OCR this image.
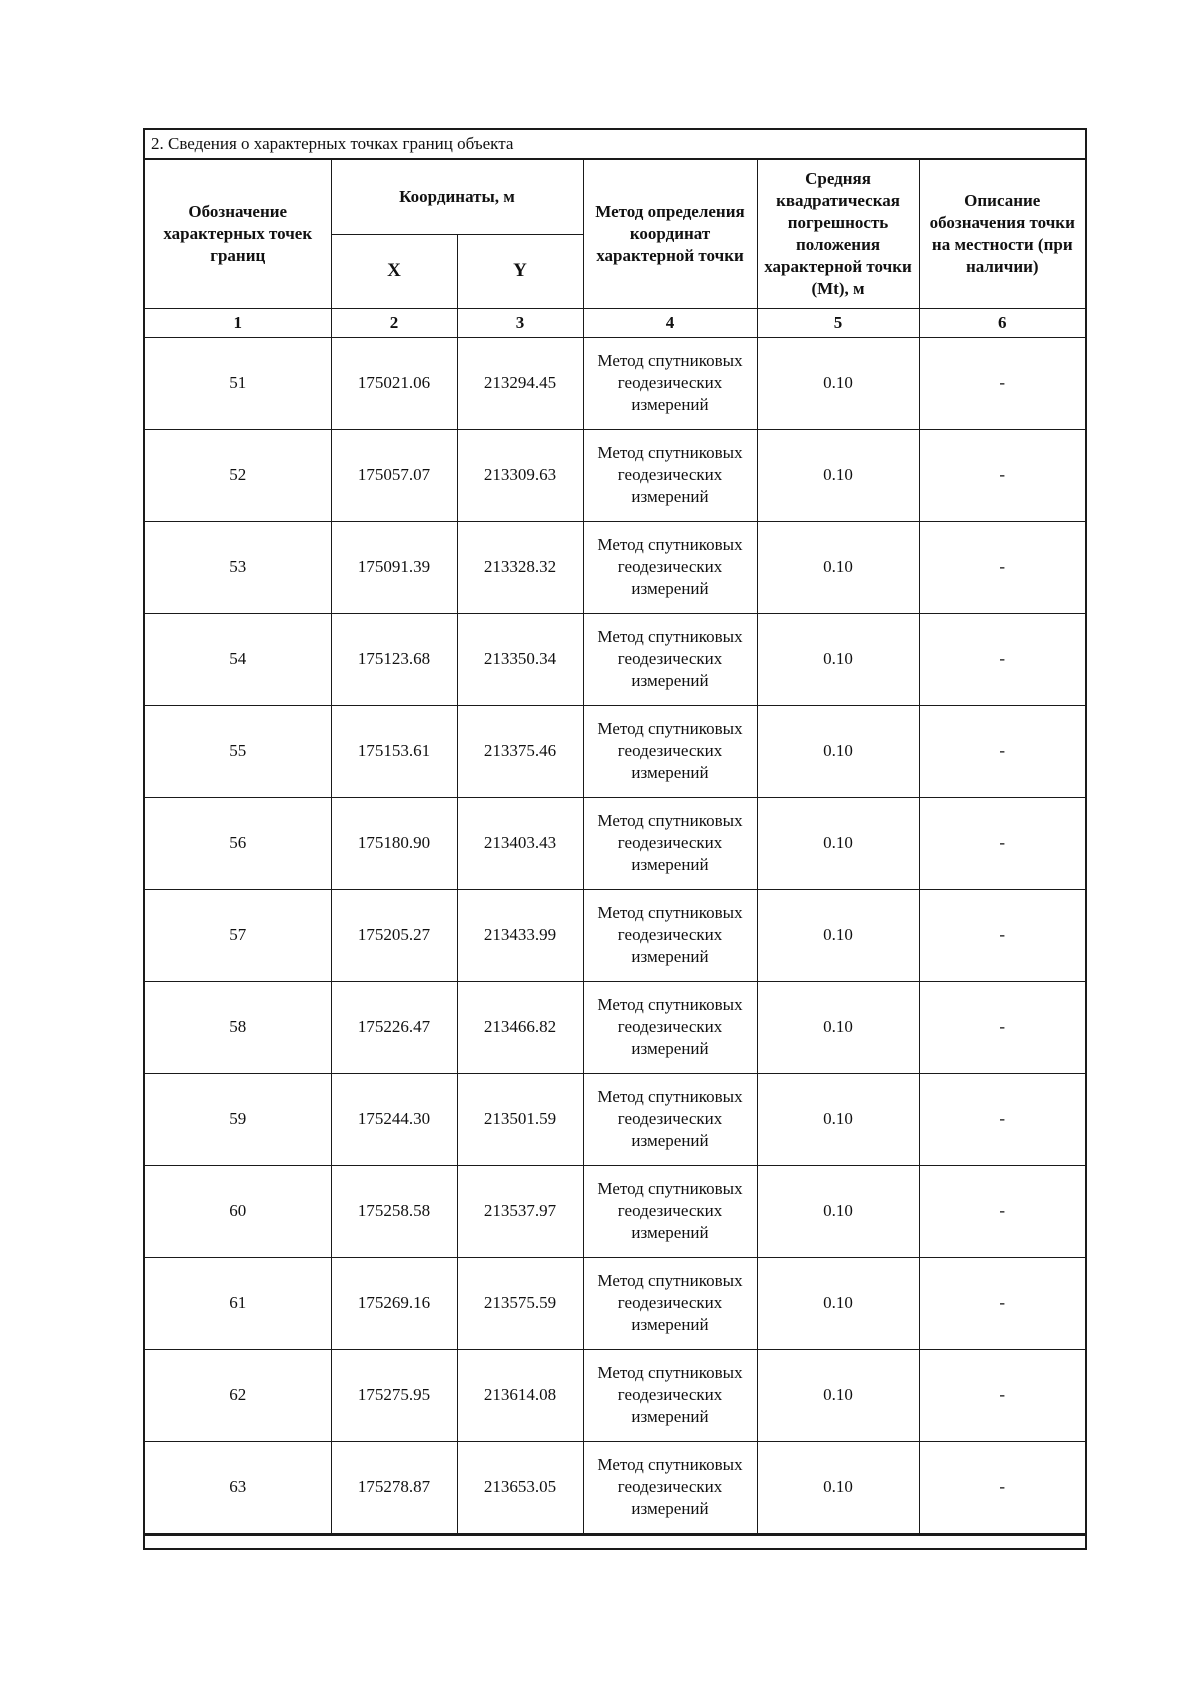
2. Сведения о характерных точках границ объекта
Обозначение характерных точек границ	Координаты, м		Метод определения координат характерной точки	Средняя квадратическая погрешность положения характерной точки (Mt), м	Описание обозначения точки на местности (при наличии)
	X	Y			
1	2	3	4	5	6
51	175021.06	213294.45	Метод спутниковых геодезических измерений	0.10	-
52	175057.07	213309.63	Метод спутниковых геодезических измерений	0.10	-
53	175091.39	213328.32	Метод спутниковых геодезических измерений	0.10	-
54	175123.68	213350.34	Метод спутниковых геодезических измерений	0.10	-
55	175153.61	213375.46	Метод спутниковых геодезических измерений	0.10	-
56	175180.90	213403.43	Метод спутниковых геодезических измерений	0.10	-
57	175205.27	213433.99	Метод спутниковых геодезических измерений	0.10	-
58	175226.47	213466.82	Метод спутниковых геодезических измерений	0.10	-
59	175244.30	213501.59	Метод спутниковых геодезических измерений	0.10	-
60	175258.58	213537.97	Метод спутниковых геодезических измерений	0.10	-
61	175269.16	213575.59	Метод спутниковых геодезических измерений	0.10	-
62	175275.95	213614.08	Метод спутниковых геодезических измерений	0.10	-
63	175278.87	213653.05	Метод спутниковых геодезических измерений	0.10	-
